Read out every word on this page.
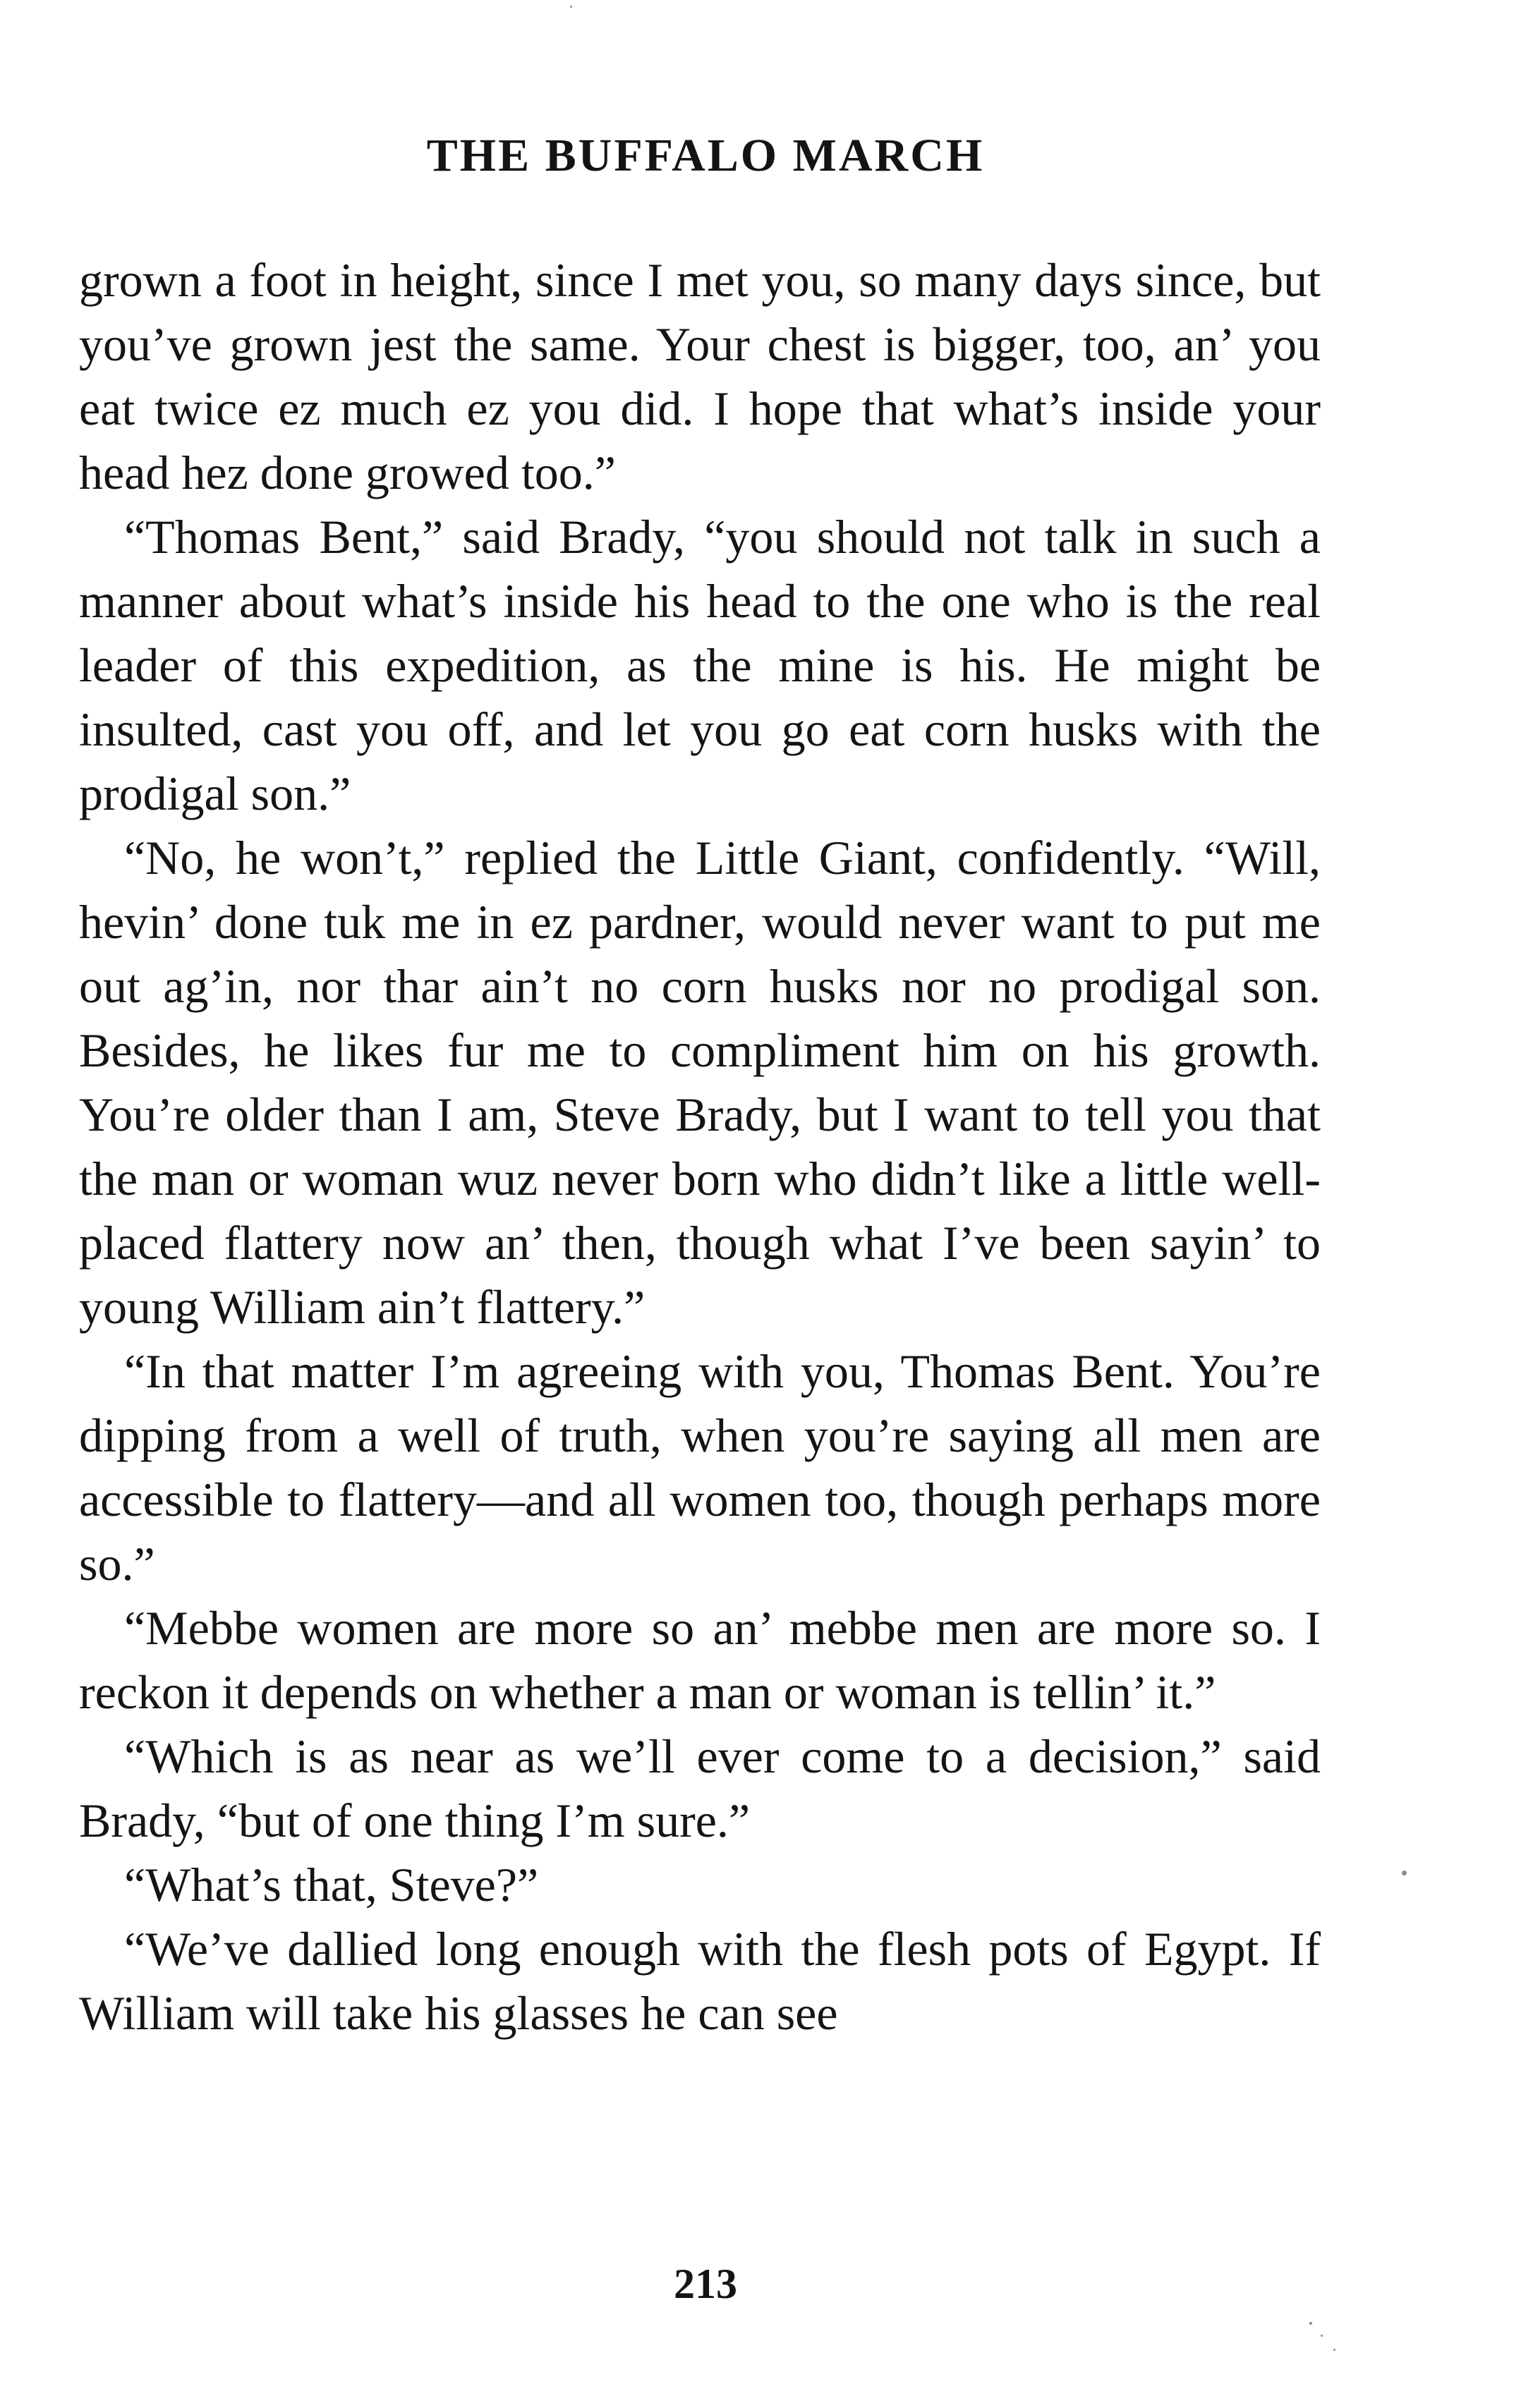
THE BUFFALO MARCH

grown a foot in height, since I met you, so many days since, but you’ve grown jest the same. Your chest is bigger, too, an’ you eat twice ez much ez you did. I hope that what’s inside your head hez done growed too.”

“Thomas Bent,” said Brady, “you should not talk in such a manner about what’s inside his head to the one who is the real leader of this expedition, as the mine is his. He might be insulted, cast you off, and let you go eat corn husks with the prodigal son.”

“No, he won’t,” replied the Little Giant, confidently. “Will, hevin’ done tuk me in ez pardner, would never want to put me out ag’in, nor thar ain’t no corn husks nor no prodigal son. Besides, he likes fur me to compliment him on his growth. You’re older than I am, Steve Brady, but I want to tell you that the man or woman wuz never born who didn’t like a little well-placed flattery now an’ then, though what I’ve been sayin’ to young William ain’t flattery.”

“In that matter I’m agreeing with you, Thomas Bent. You’re dipping from a well of truth, when you’re saying all men are accessible to flattery—and all women too, though perhaps more so.”

“Mebbe women are more so an’ mebbe men are more so. I reckon it depends on whether a man or woman is tellin’ it.”

“Which is as near as we’ll ever come to a decision,” said Brady, “but of one thing I’m sure.”

“What’s that, Steve?”

“We’ve dallied long enough with the flesh pots of Egypt. If William will take his glasses he can see

213
